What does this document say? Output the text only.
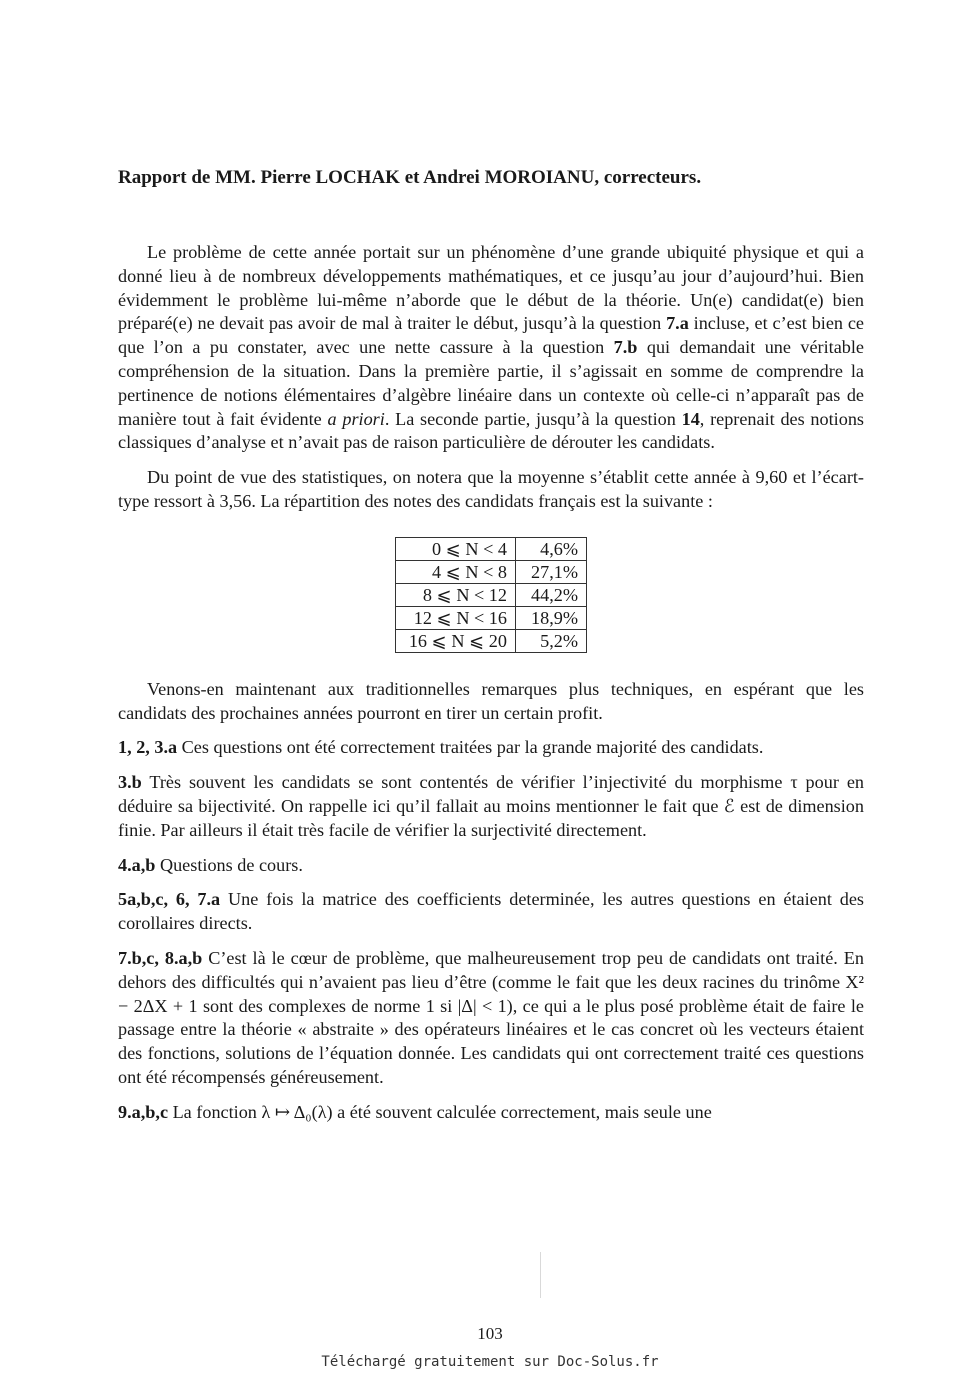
Rapport de MM. Pierre LOCHAK et Andrei MOROIANU, correcteurs.

Le problème de cette année portait sur un phénomène d’une grande ubiquité physique et qui a donné lieu à de nombreux développements mathématiques, et ce jusqu’au jour d’aujourd’hui. Bien évidemment le problème lui-même n’aborde que le début de la théorie. Un(e) candidat(e) bien préparé(e) ne devait pas avoir de mal à traiter le début, jusqu’à la question 7.a incluse, et c’est bien ce que l’on a pu constater, avec une nette cassure à la question 7.b qui demandait une véritable compréhension de la situation. Dans la première partie, il s’agissait en somme de comprendre la pertinence de notions élémentaires d’algèbre linéaire dans un contexte où celle-ci n’apparaît pas de manière tout à fait évidente a priori. La seconde partie, jusqu’à la question 14, reprenait des notions classiques d’analyse et n’avait pas de raison particulière de dérouter les candidats.

Du point de vue des statistiques, on notera que la moyenne s’établit cette année à 9,60 et l’écart-type ressort à 3,56. La répartition des notes des candidats français est la suivante :

0 ⩽ N < 4	4,6%
4 ⩽ N < 8	27,1%
8 ⩽ N < 12	44,2%
12 ⩽ N < 16	18,9%
16 ⩽ N ⩽ 20	5,2%

Venons-en maintenant aux traditionnelles remarques plus techniques, en espérant que les candidats des prochaines années pourront en tirer un certain profit.

1, 2, 3.a Ces questions ont été correctement traitées par la grande majorité des candidats.

3.b Très souvent les candidats se sont contentés de vérifier l’injectivité du morphisme τ pour en déduire sa bijectivité. On rappelle ici qu’il fallait au moins mentionner le fait que ℰ est de dimension finie. Par ailleurs il était très facile de vérifier la surjectivité directement.

4.a,b Questions de cours.

5a,b,c, 6, 7.a Une fois la matrice des coefficients determinée, les autres questions en étaient des corollaires directs.

7.b,c, 8.a,b C’est là le cœur de problème, que malheureusement trop peu de candidats ont traité. En dehors des difficultés qui n’avaient pas lieu d’être (comme le fait que les deux racines du trinôme X² − 2ΔX + 1 sont des complexes de norme 1 si |Δ| < 1), ce qui a le plus posé problème était de faire le passage entre la théorie « abstraite » des opérateurs linéaires et le cas concret où les vecteurs étaient des fonctions, solutions de l’équation donnée. Les candidats qui ont correctement traité ces questions ont été récompensés généreusement.

9.a,b,c La fonction λ ↦ Δ₀(λ) a été souvent calculée correctement, mais seule une

103
Téléchargé gratuitement sur Doc-Solus.fr
